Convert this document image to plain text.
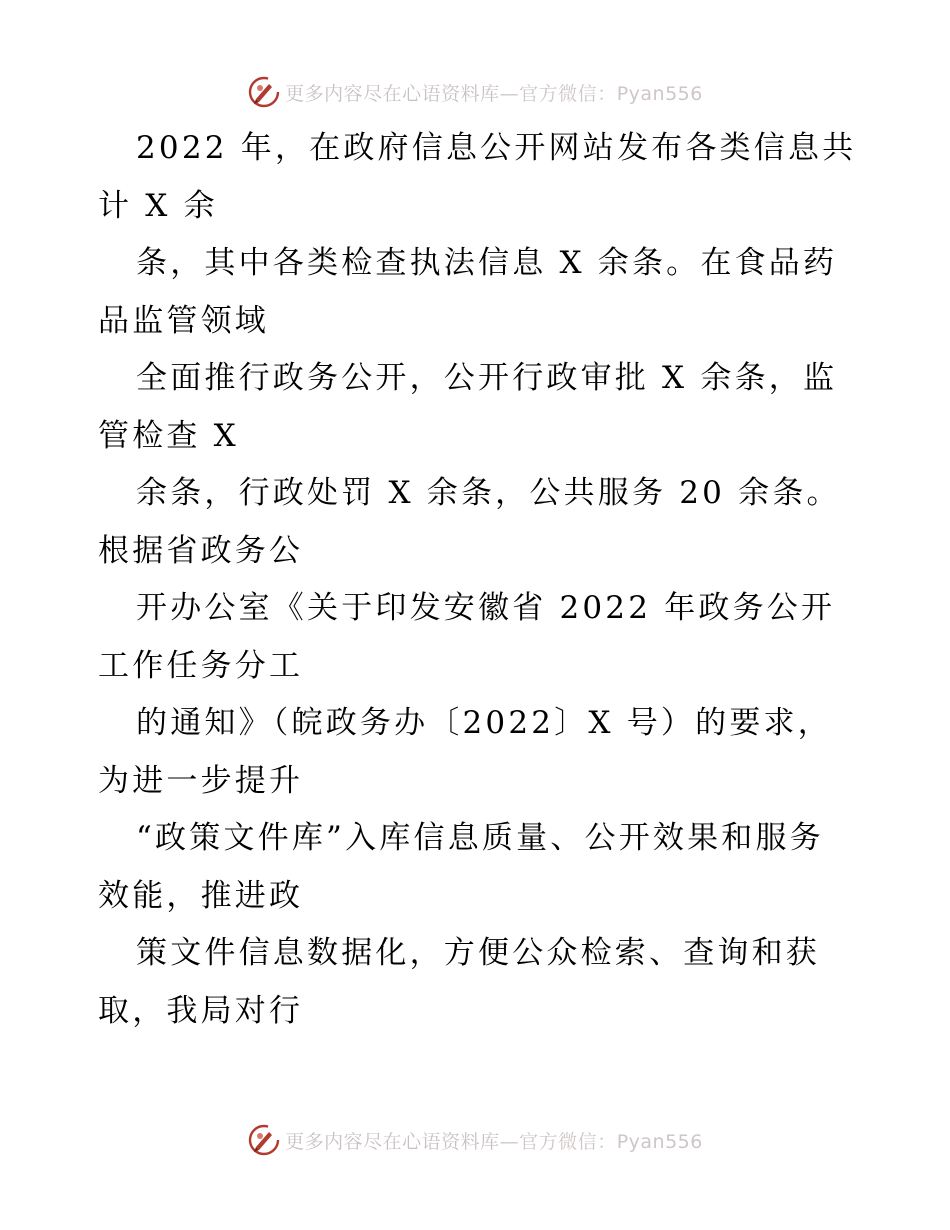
更多内容尽在心语资料库—官方微信：Pyan556

2022 年，在政府信息公开网站发布各类信息共计 X 余

条，其中各类检查执法信息 X 余条。在食品药品监管领域

全面推行政务公开，公开行政审批 X 余条，监管检查 X

余条，行政处罚 X 余条，公共服务 20 余条。根据省政务公

开办公室《关于印发安徽省 2022 年政务公开工作任务分工

的通知》（皖政务办〔2022〕X 号）的要求，为进一步提升

“政策文件库”入库信息质量、公开效果和服务效能，推进政

策文件信息数据化，方便公众检索、查询和获取，我局对行

更多内容尽在心语资料库—官方微信：Pyan556
